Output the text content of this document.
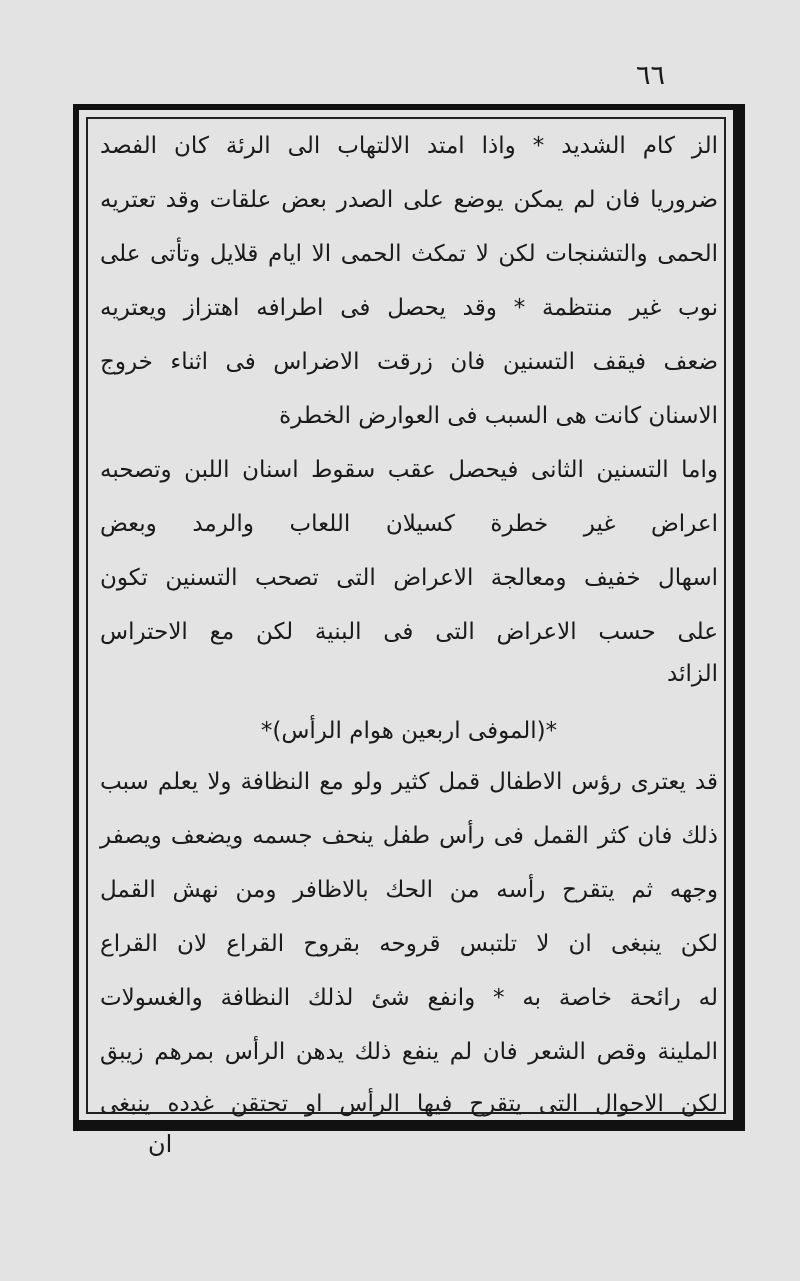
٦٦
الز كام الشديد * واذا امتد الالتهاب الى الرئة كان الفصد
ضروريا فان لم يمكن يوضع على الصدر بعض علقات وقد تعتريه
الحمى والتشنجات لكن لا تمكث الحمى الا ايام قلايل وتأتى على
نوب غير منتظمة * وقد يحصل فى اطرافه اهتزاز ويعتريه
ضعف فيقف التسنين فان زرقت الاضراس فى اثناء خروج
الاسنان كانت هى السبب فى العوارض الخطرة
واما التسنين الثانى فيحصل عقب سقوط اسنان اللبن وتصحبه
اعراض غير خطرة كسيلان اللعاب والرمد وبعض
اسهال خفيف ومعالجة الاعراض التى تصحب التسنين تكون
على حسب الاعراض التى فى البنية لكن مع الاحتراس
الزائد
*(الموفى اربعين هوام الرأس)*
قد يعترى رؤس الاطفال قمل كثير ولو مع النظافة ولا يعلم سبب
ذلك فان كثر القمل فى رأس طفل ينحف جسمه ويضعف ويصفر
وجهه ثم يتقرح رأسه من الحك بالاظافر ومن نهش القمل
لكن ينبغى ان لا تلتبس قروحه بقروح القراع لان القراع
له رائحة خاصة به * وانفع شئ لذلك النظافة والغسولات
الملينة وقص الشعر فان لم ينفع ذلك يدهن الرأس بمرهم زيبق
لكن الاحوال التى يتقرح فيها الرأس او تحتقن غدده ينبغى
ان
